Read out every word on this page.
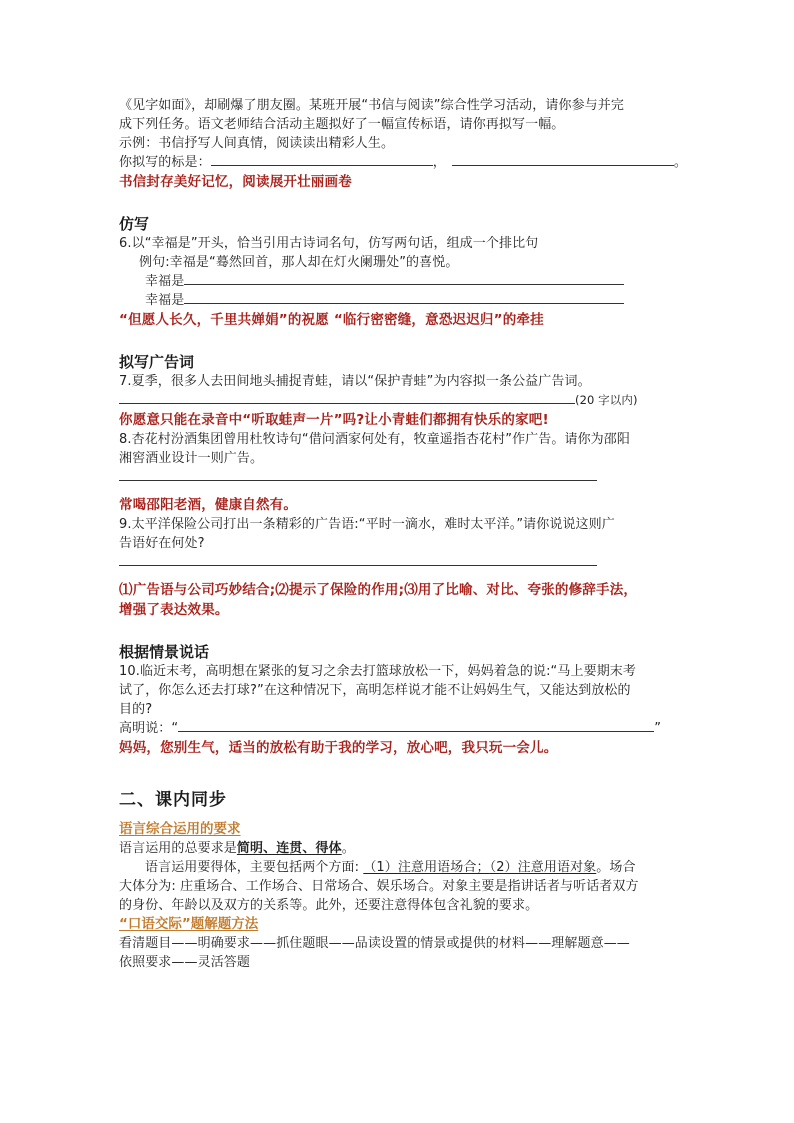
《见字如面》，却刷爆了朋友圈。某班开展“书信与阅读”综合性学习活动，请你参与并完
成下列任务。语文老师结合活动主题拟好了一幅宣传标语，请你再拟写一幅。
示例：书信抒写人间真情，阅读读出精彩人生。
你拟写的标是：	，	。
书信封存美好记忆，阅读展开壮丽画卷
仿写
6.以“幸福是”开头，恰当引用古诗词名句，仿写两句话，组成一个排比句
例句:幸福是“蓦然回首，那人却在灯火阑珊处”的喜悦。
幸福是
幸福是
“但愿人长久，千里共婵娟”的祝愿 “临行密密缝，意恐迟迟归”的牵挂
拟写广告词
7.夏季，很多人去田间地头捕捉青蛙，请以“保护青蛙”为内容拟一条公益广告词。
(20 字以内)
你愿意只能在录音中“听取蛙声一片”吗?让小青蛙们都拥有快乐的家吧!
8.杏花村汾酒集团曾用杜牧诗句“借问酒家何处有，牧童遥指杏花村”作广告。请你为邵阳
湘窖酒业设计一则广告。
常喝邵阳老酒，健康自然有。
9.太平洋保险公司打出一条精彩的广告语:“平时一滴水，难时太平洋。”请你说说这则广
告语好在何处?
⑴广告语与公司巧妙结合;⑵提示了保险的作用;⑶用了比喻、对比、夸张的修辞手法，
增强了表达效果。
根据情景说话
10.临近末考，高明想在紧张的复习之余去打篮球放松一下，妈妈着急的说:“马上要期末考
试了，你怎么还去打球?”在这种情况下，高明怎样说才能不让妈妈生气，又能达到放松的
目的?
高明说：“	”
妈妈，您别生气，适当的放松有助于我的学习，放心吧，我只玩一会儿。
二、课内同步
语言综合运用的要求
语言运用的总要求是简明、连贯、得体。
语言运用要得体，主要包括两个方面: （1）注意用语场合；（2）注意用语对象。场合
大体分为: 庄重场合、工作场合、日常场合、娱乐场合。对象主要是指讲话者与听话者双方
的身份、年龄以及双方的关系等。此外，还要注意得体包含礼貌的要求。
“口语交际”题解题方法
看清题目——明确要求——抓住题眼——品读设置的情景或提供的材料——理解题意——
依照要求——灵活答题
